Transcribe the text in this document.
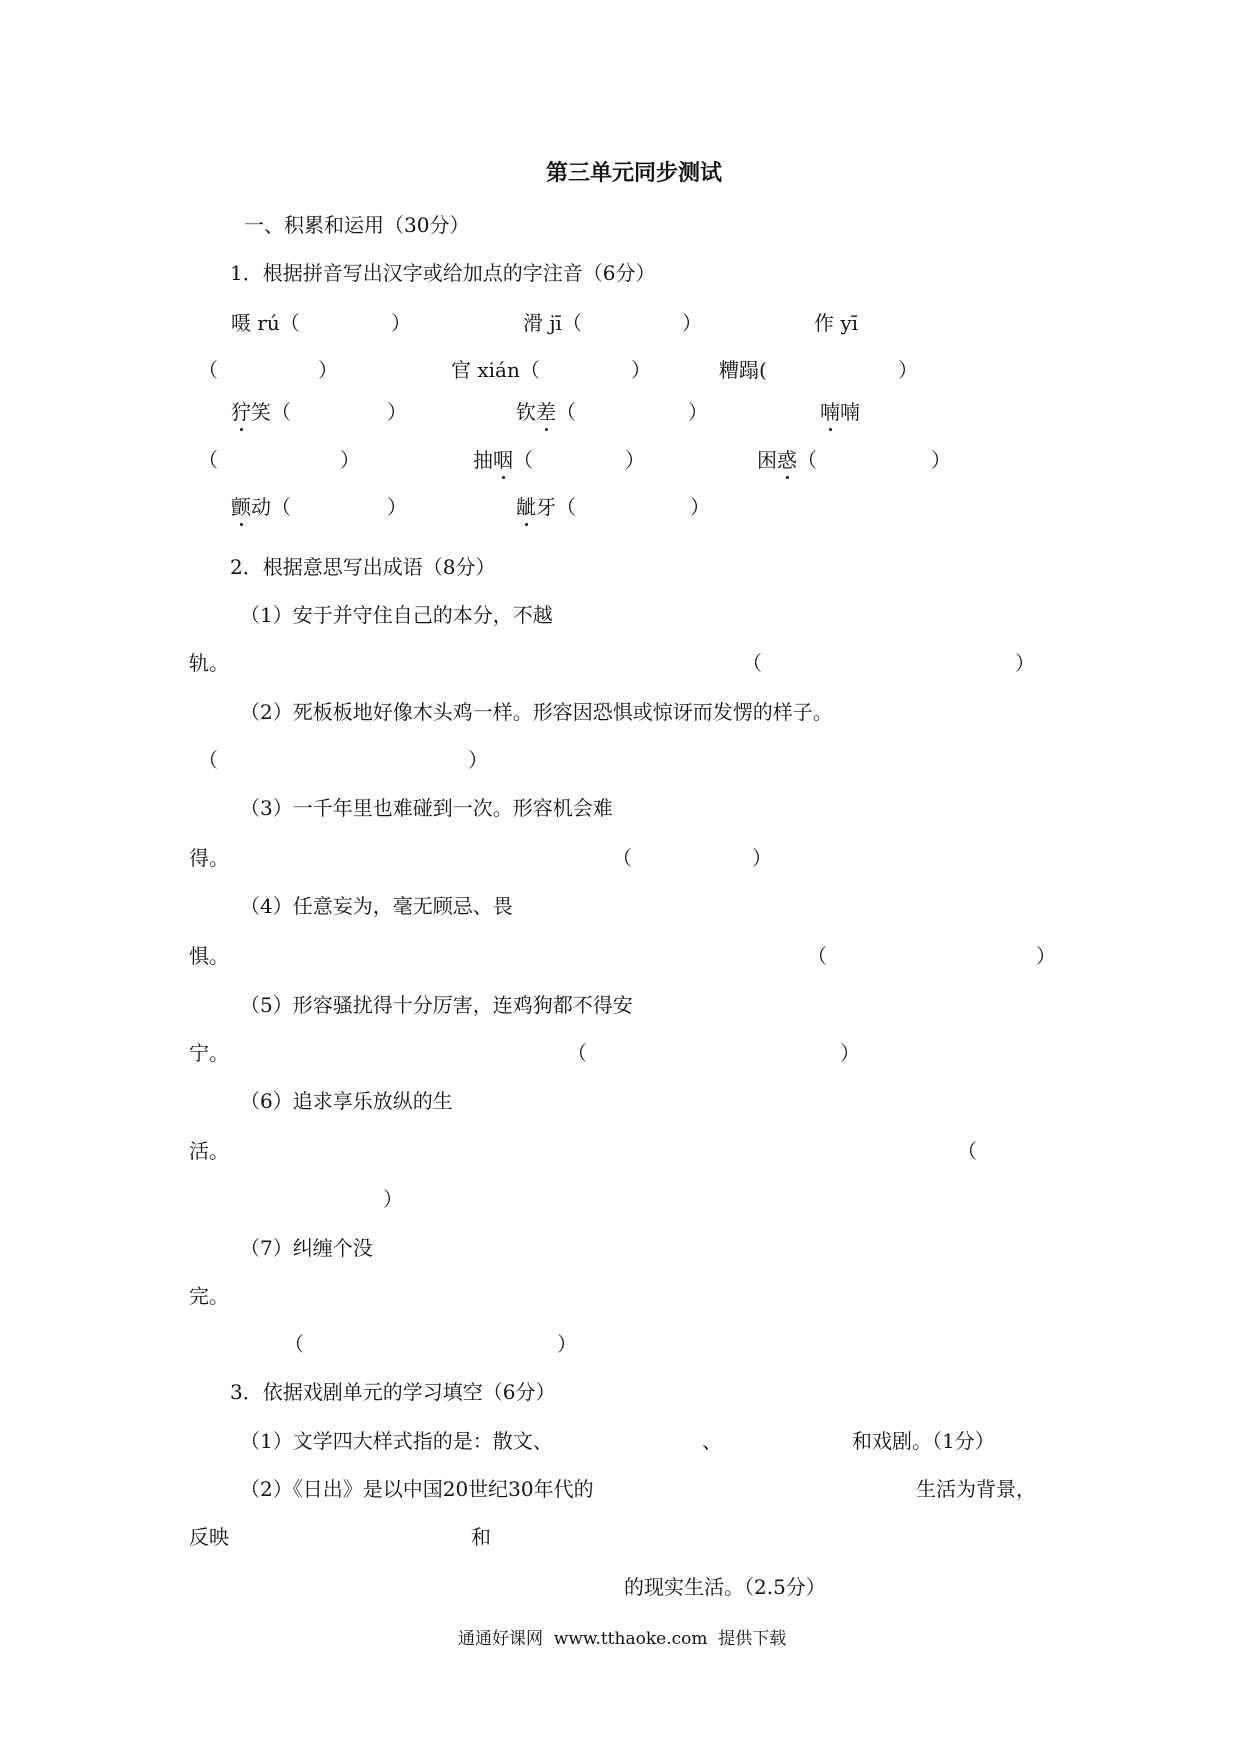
第三单元同步测试
一、积累和运用（30分）
1．根据拼音写出汉字或给加点的字注音（6分）
嗫 rú（	）	滑 jī（	）	作 yī
（	）	官 xián（	）	糟蹋(	）
狞笑（	）	钦差（	）	喃喃
（	）	抽咽（	）	困惑（	）
颤动（	）	龇牙（	）
2．根据意思写出成语（8分）
（1）安于并守住自己的本分，不越
轨。	（	）
（2）死板板地好像木头鸡一样。形容因恐惧或惊讶而发愣的样子。
（	）
（3）一千年里也难碰到一次。形容机会难
得。	（	）
（4）任意妄为，毫无顾忌、畏
惧。	（	）
（5）形容骚扰得十分厉害，连鸡狗都不得安
宁。	（	）
（6）追求享乐放纵的生
活。	（
）
（7）纠缠个没
完。
（	）
3．依据戏剧单元的学习填空（6分）
（1）文学四大样式指的是：散文、	、	和戏剧。（1分）
（2）《日出》是以中国20世纪30年代的	生活为背景，
反映	和
的现实生活。（2.5分）
通通好课网  www.tthaoke.com  提供下载
